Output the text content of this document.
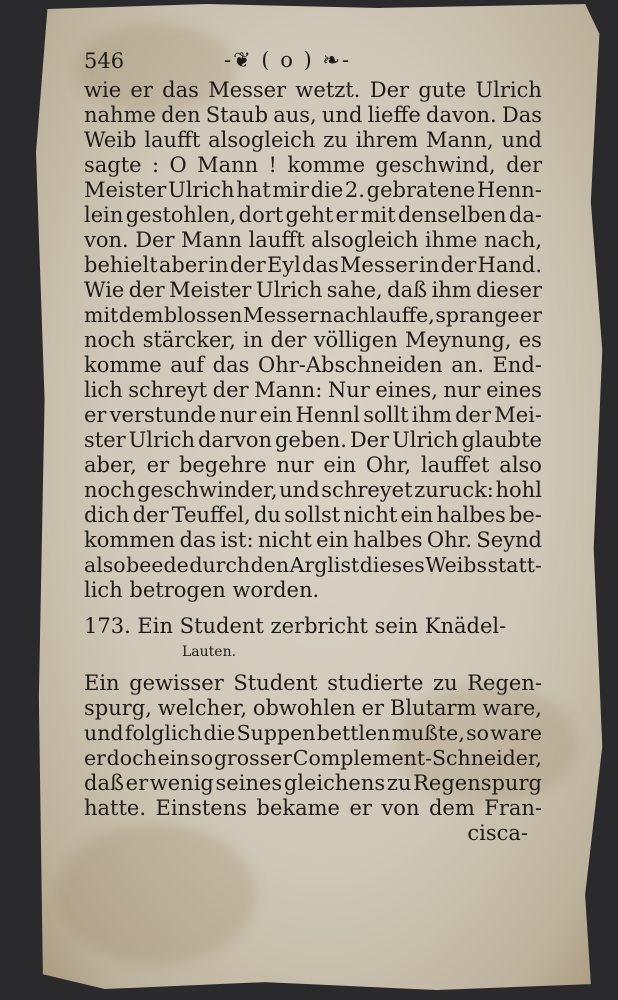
546	-❦ ( o ) ❧-
wie er das Messer wetzt. Der gute Ulrich
nahme den Staub aus, und lieffe davon. Das
Weib laufft alsogleich zu ihrem Mann, und
sagte : O Mann ! komme geschwind, der
Meister Ulrich hat mir die 2. gebratene Henn-
lein gestohlen, dort geht er mit denselben da-
von. Der Mann laufft alsogleich ihme nach,
behielt aber in der Eyl das Messer in der Hand.
Wie der Meister Ulrich sahe, daß ihm dieser
mit dem blossen Messer nachlauffe, sprange er
noch stärcker, in der völligen Meynung, es
komme auf das Ohr-Abschneiden an. End-
lich schreyt der Mann: Nur eines, nur eines
er verstunde nur ein Hennl sollt ihm der Mei-
ster Ulrich darvon geben. Der Ulrich glaubte
aber, er begehre nur ein Ohr, lauffet also
noch geschwinder, und schreyet zuruck: hohl
dich der Teuffel, du sollst nicht ein halbes be-
kommen das ist: nicht ein halbes Ohr. Seynd
also beede durch den Arglist dieses Weibs statt-
lich betrogen worden.
173. Ein Student zerbricht sein Knädel-
Lauten.
Ein gewisser Student studierte zu Regen-
spurg, welcher, obwohlen er Blutarm ware,
und folglich die Suppen bettlen mußte, so ware
er doch ein so grosser Complement-Schneider,
daß er wenig seines gleichens zu Regenspurg
hatte. Einstens bekame er von dem Fran-
cisca-
